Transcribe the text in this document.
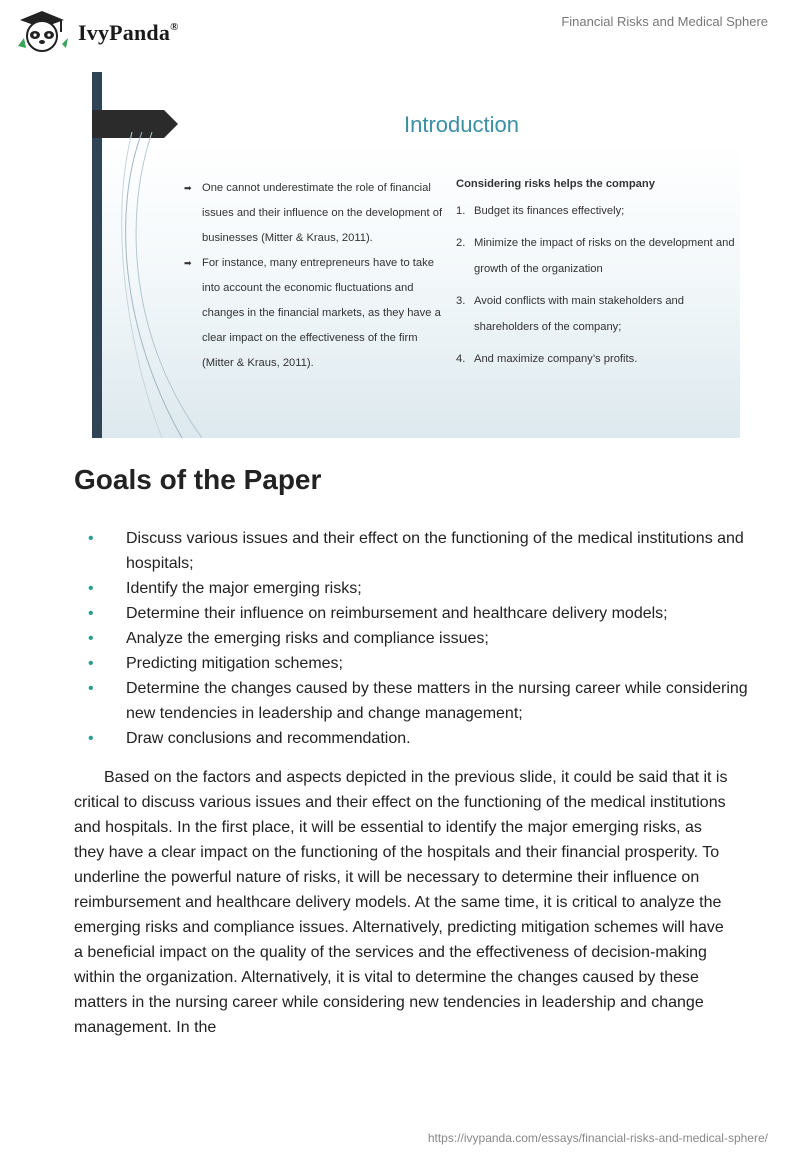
IvyPanda®	Financial Risks and Medical Sphere
Introduction
➡ One cannot underestimate the role of financial issues and their influence on the development of businesses (Mitter & Kraus, 2011).
➡ For instance, many entrepreneurs have to take into account the economic fluctuations and changes in the financial markets, as they have a clear impact on the effectiveness of the firm (Mitter & Kraus, 2011).
Considering risks helps the company
1. Budget its finances effectively;
2. Minimize the impact of risks on the development and growth of the organization
3. Avoid conflicts with main stakeholders and shareholders of the company;
4. And maximize company’s profits.
Goals of the Paper
• Discuss various issues and their effect on the functioning of the medical institutions and hospitals;
• Identify the major emerging risks;
• Determine their influence on reimbursement and healthcare delivery models;
• Analyze the emerging risks and compliance issues;
• Predicting mitigation schemes;
• Determine the changes caused by these matters in the nursing career while considering new tendencies in leadership and change management;
• Draw conclusions and recommendation.

Based on the factors and aspects depicted in the previous slide, it could be said that it is critical to discuss various issues and their effect on the functioning of the medical institutions and hospitals. In the first place, it will be essential to identify the major emerging risks, as they have a clear impact on the functioning of the hospitals and their financial prosperity. To underline the powerful nature of risks, it will be necessary to determine their influence on reimbursement and healthcare delivery models. At the same time, it is critical to analyze the emerging risks and compliance issues. Alternatively, predicting mitigation schemes will have a beneficial impact on the quality of the services and the effectiveness of decision-making within the organization. Alternatively, it is vital to determine the changes caused by these matters in the nursing career while considering new tendencies in leadership and change management. In the

https://ivypanda.com/essays/financial-risks-and-medical-sphere/
